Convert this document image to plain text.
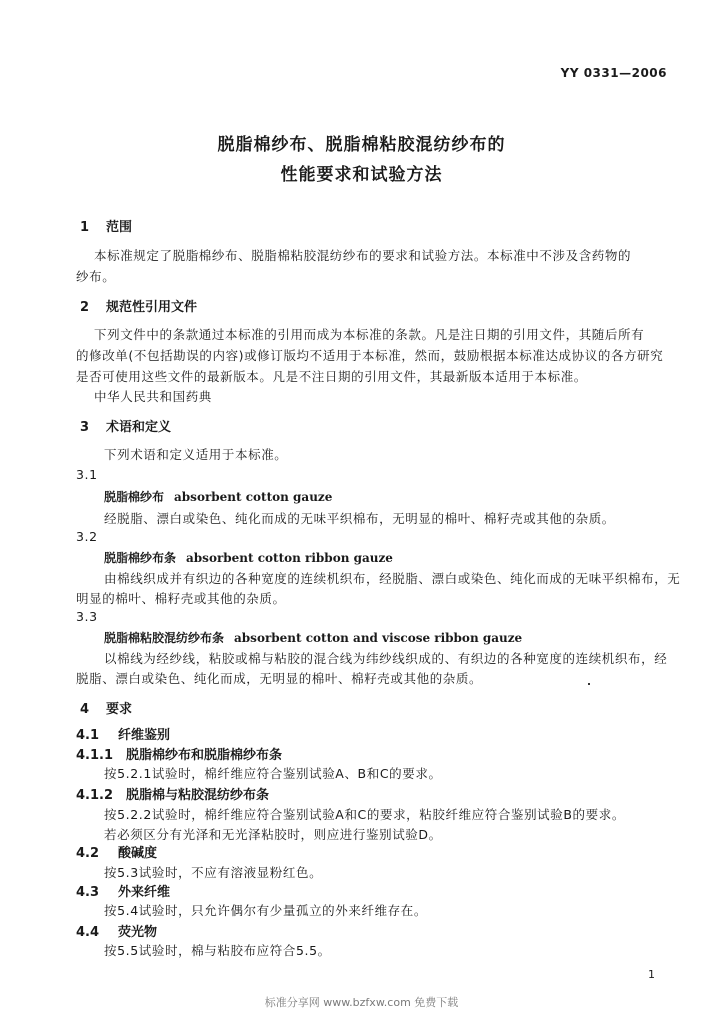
YY 0331—2006
脱脂棉纱布、脱脂棉粘胶混纺纱布的
性能要求和试验方法
1 范围
本标准规定了脱脂棉纱布、脱脂棉粘胶混纺纱布的要求和试验方法。本标准中不涉及含药物的
纱布。
2 规范性引用文件
下列文件中的条款通过本标准的引用而成为本标准的条款。凡是注日期的引用文件，其随后所有
的修改单(不包括勘误的内容)或修订版均不适用于本标准，然而，鼓励根据本标准达成协议的各方研究
是否可使用这些文件的最新版本。凡是不注日期的引用文件，其最新版本适用于本标准。
中华人民共和国药典
3 术语和定义
下列术语和定义适用于本标准。
3.1
脱脂棉纱布 absorbent cotton gauze
经脱脂、漂白或染色、纯化而成的无味平织棉布，无明显的棉叶、棉籽壳或其他的杂质。
3.2
脱脂棉纱布条 absorbent cotton ribbon gauze
由棉线织成并有织边的各种宽度的连续机织布，经脱脂、漂白或染色、纯化而成的无味平织棉布，无
明显的棉叶、棉籽壳或其他的杂质。
3.3
脱脂棉粘胶混纺纱布条 absorbent cotton and viscose ribbon gauze
以棉线为经纱线，粘胶或棉与粘胶的混合线为纬纱线织成的、有织边的各种宽度的连续机织布，经
脱脂、漂白或染色、纯化而成，无明显的棉叶、棉籽壳或其他的杂质。
4 要求
4.1 纤维鉴别
4.1.1 脱脂棉纱布和脱脂棉纱布条
按5.2.1试验时，棉纤维应符合鉴别试验A、B和C的要求。
4.1.2 脱脂棉与粘胶混纺纱布条
按5.2.2试验时，棉纤维应符合鉴别试验A和C的要求，粘胶纤维应符合鉴别试验B的要求。
若必须区分有光泽和无光泽粘胶时，则应进行鉴别试验D。
4.2 酸碱度
按5.3试验时，不应有溶液显粉红色。
4.3 外来纤维
按5.4试验时，只允许偶尔有少量孤立的外来纤维存在。
4.4 荧光物
按5.5试验时，棉与粘胶布应符合5.5。
1
标准分享网 www.bzfxw.com 免费下载
